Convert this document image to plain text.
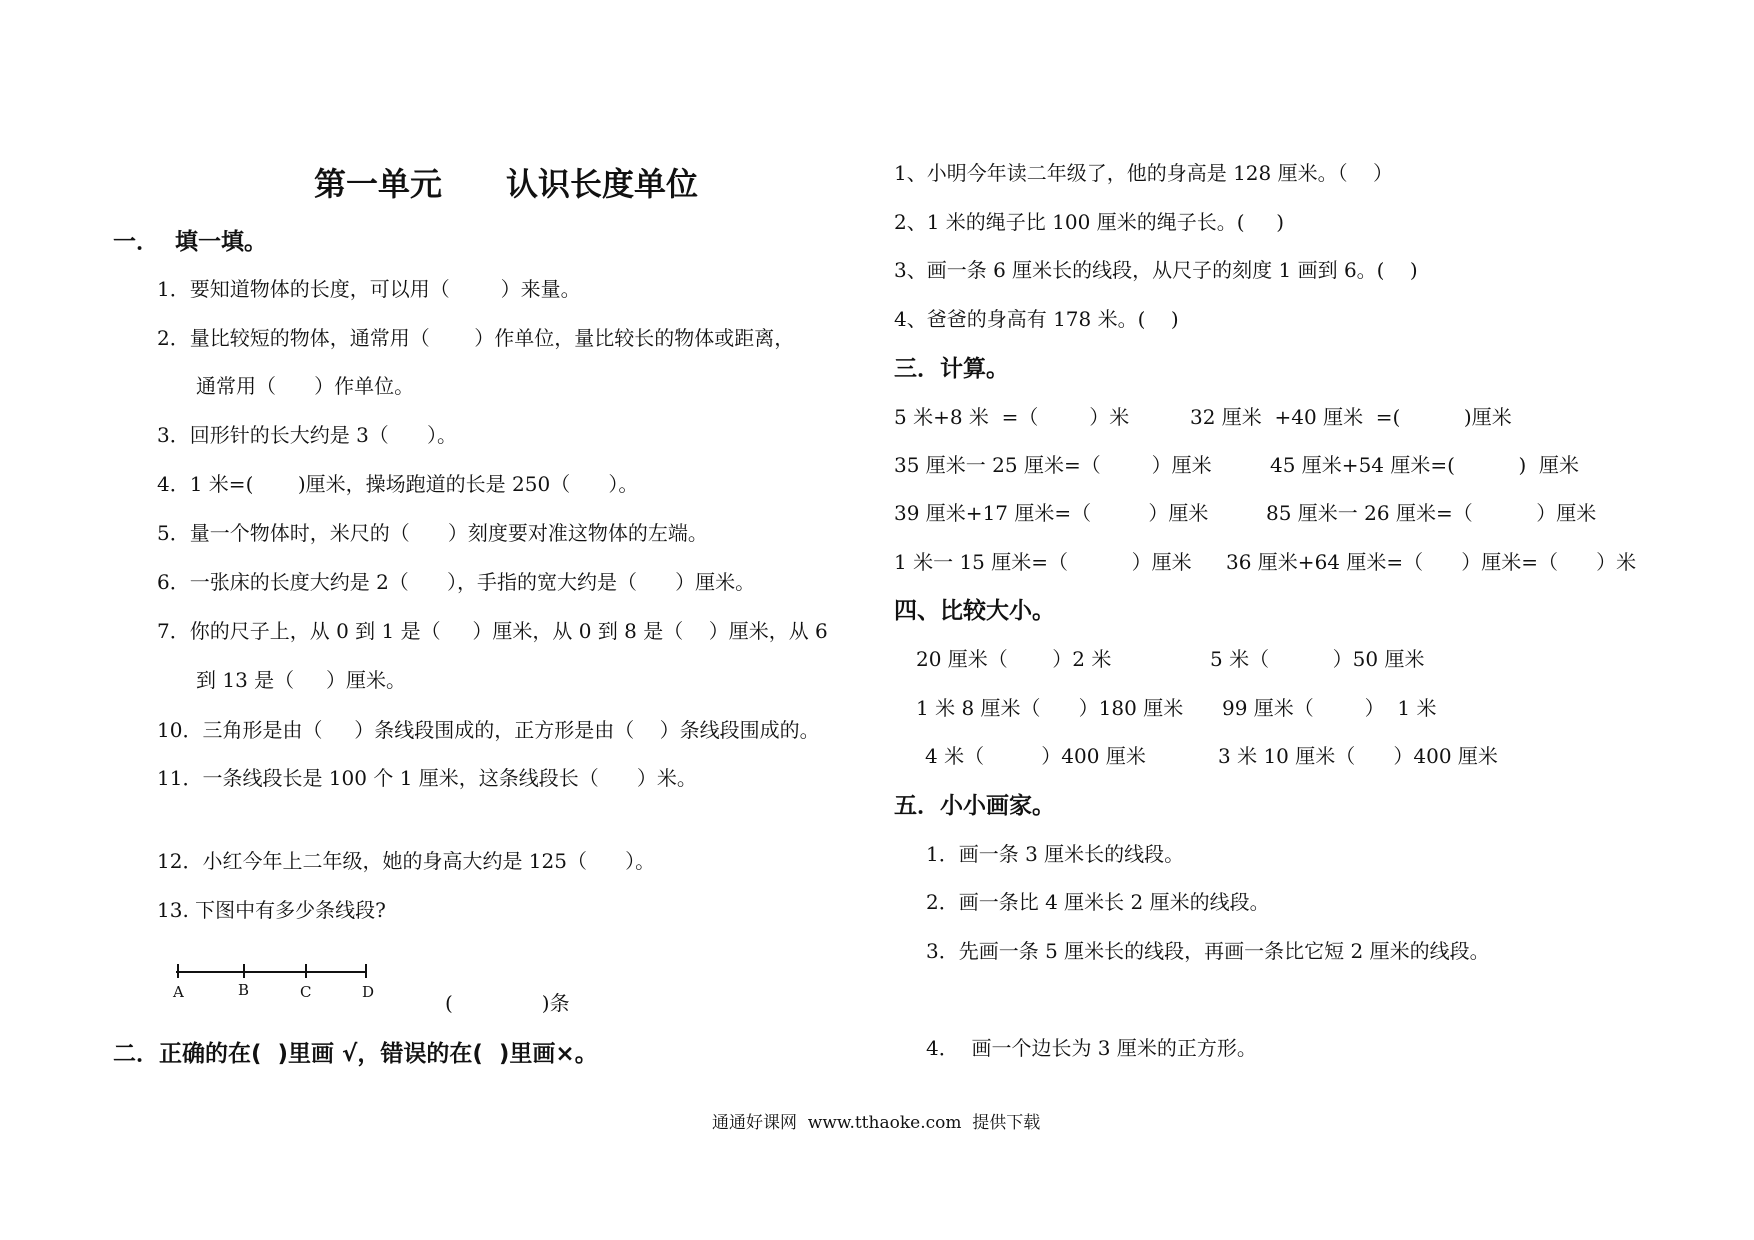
第一单元　　认识长度单位
一．  填一填。
1．要知道物体的长度，可以用（        ）来量。
2．量比较短的物体，通常用（       ）作单位，量比较长的物体或距离，
通常用（      ）作单位。
3．回形针的长大约是 3（      ）。
4．1 米=(       )厘米，操场跑道的长是 250（      ）。
5．量一个物体时，米尺的（      ）刻度要对准这物体的左端。
6．一张床的长度大约是 2（      ），手指的宽大约是（      ）厘米。
7．你的尺子上，从 0 到 1 是（     ）厘米，从 0 到 8 是（    ）厘米，从 6
到 13 是（     ）厘米。
10．三角形是由（     ）条线段围成的，正方形是由（    ）条线段围成的。
11．一条线段长是 100 个 1 厘米，这条线段长（      ）米。
12．小红今年上二年级，她的身高大约是 125（      ）。
13. 下图中有多少条线段?
A	B	C	D	(              )条
二．正确的在(  )里画 √，错误的在(  )里画×。
1、小明今年读二年级了，他的身高是 128 厘米。（    ）
2、1 米的绳子比 100 厘米的绳子长。(     )
3、画一条 6 厘米长的线段，从尺子的刻度 1 画到 6。(    )
4、爸爸的身高有 178 米。(    )
三．计算。
5 米+8 米  =（        ）米	32 厘米  +40 厘米  =(          )厘米
35 厘米一 25 厘米=（        ）厘米	45 厘米+54 厘米=(          )  厘米
39 厘米+17 厘米=（         ）厘米	85 厘米一 26 厘米=（          ）厘米
1 米一 15 厘米=（          ）厘米 36 厘米+64 厘米=（      ）厘米=（      ）米
四、比较大小。
20 厘米（       ）2 米	5 米（          ）50 厘米
1 米 8 厘米（      ）180 厘米 99 厘米（        ）  1 米
4 米（         ）400 厘米	3 米 10 厘米（      ）400 厘米
五．小小画家。
1．画一条 3 厘米长的线段。
2．画一条比 4 厘米长 2 厘米的线段。
3．先画一条 5 厘米长的线段，再画一条比它短 2 厘米的线段。
4．  画一个边长为 3 厘米的正方形。
通通好课网  www.tthaoke.com  提供下载
